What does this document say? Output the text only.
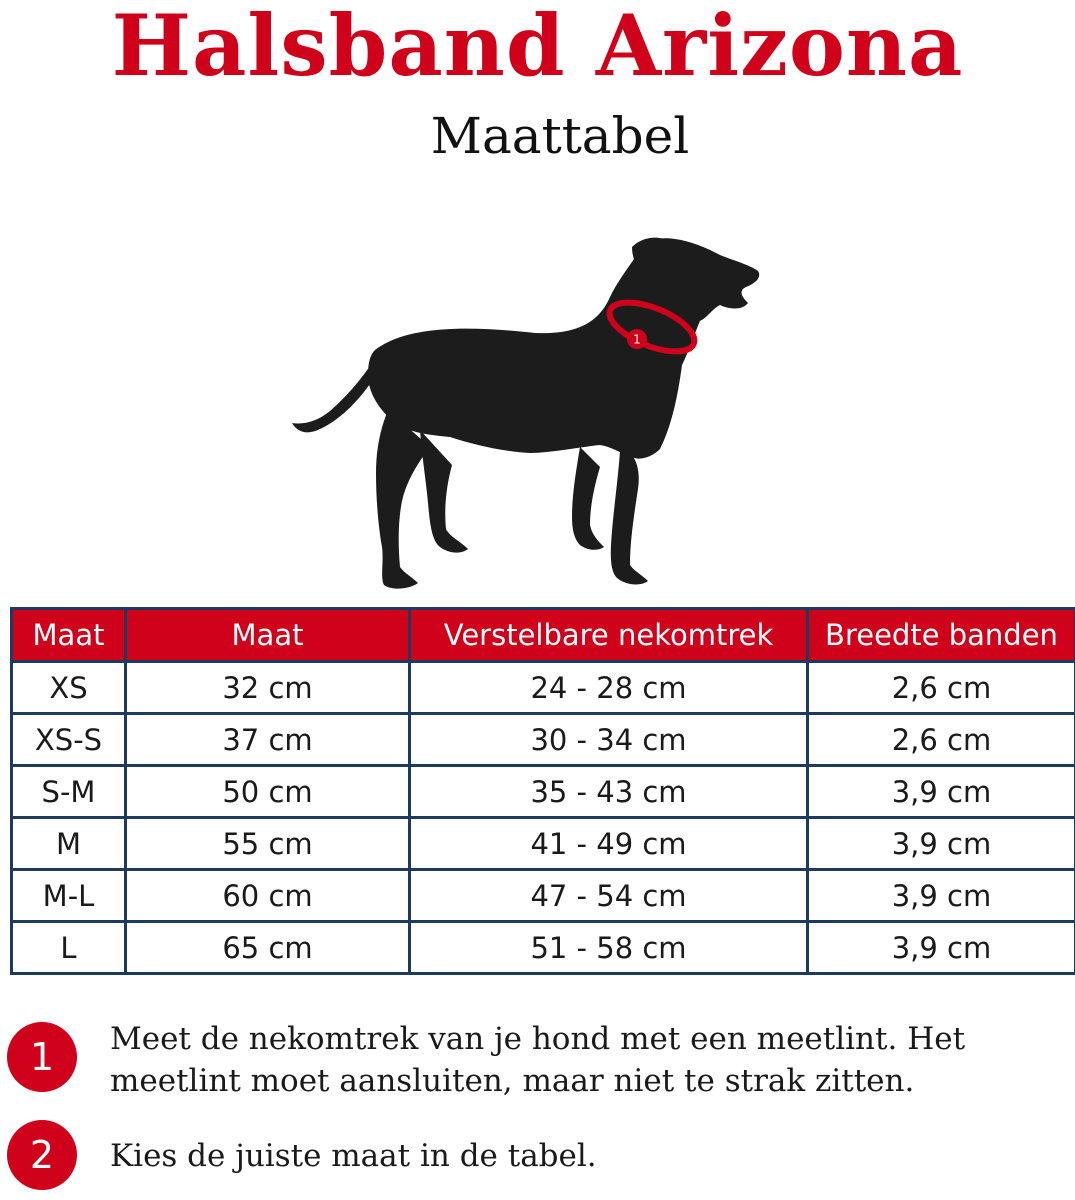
Halsband Arizona
Maattabel
1
Maat	Maat	Verstelbare nekomtrek	Breedte banden
XS	32 cm	24 - 28 cm	2,6 cm
XS-S	37 cm	30 - 34 cm	2,6 cm
S-M	50 cm	35 - 43 cm	3,9 cm
M	55 cm	41 - 49 cm	3,9 cm
M-L	60 cm	47 - 54 cm	3,9 cm
L	65 cm	51 - 58 cm	3,9 cm
1	Meet de nekomtrek van je hond met een meetlint. Het meetlint moet aansluiten, maar niet te strak zitten.
2	Kies de juiste maat in de tabel.
